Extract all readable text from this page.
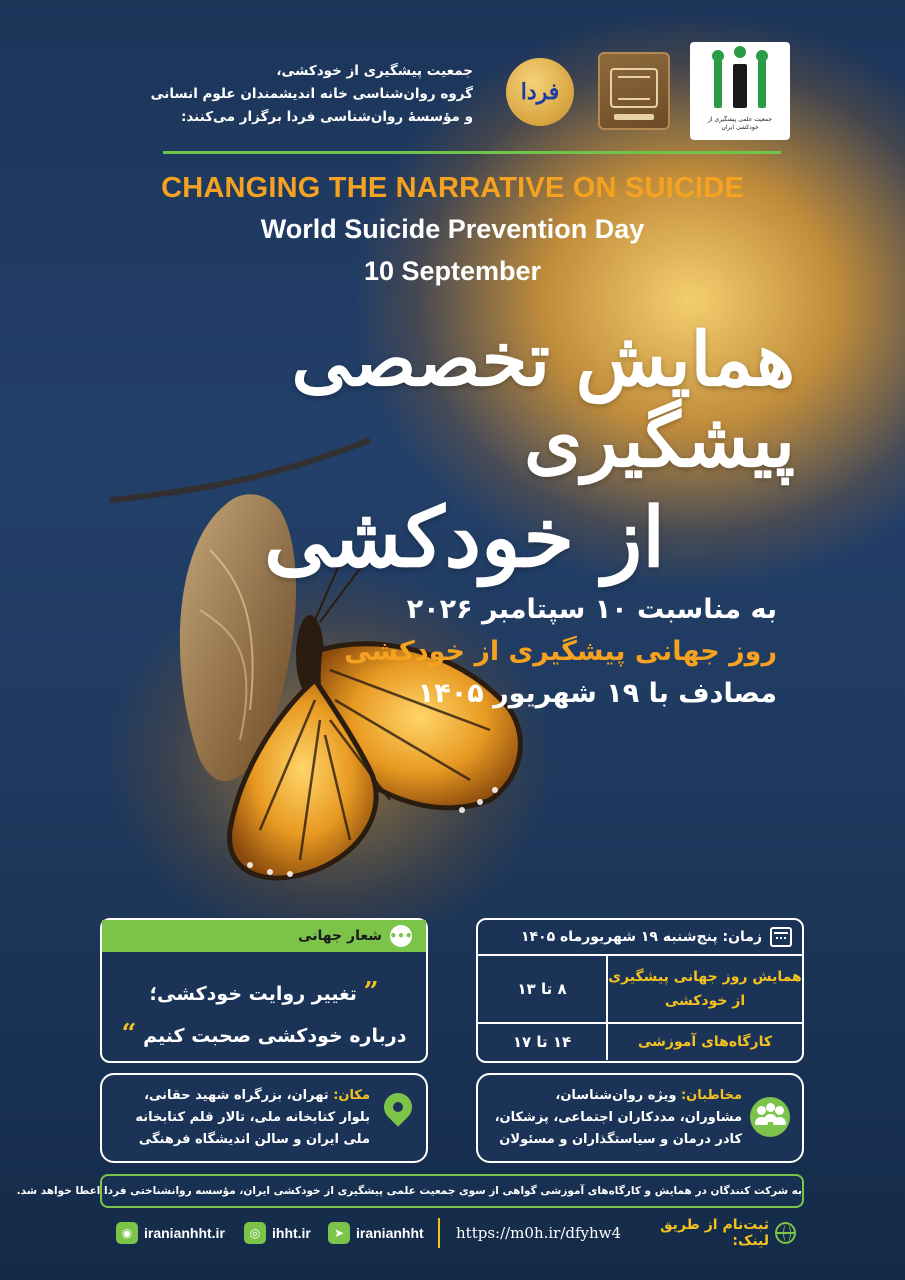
جمعیت پیشگیری از خودکشی،
گروه روان‌شناسی خانه اندیشمندان علوم انسانی
و مؤسسهٔ روان‌شناسی فردا برگزار می‌کنند:
فردا
جمعیت علمی پیشگیری از خودکشی ایران
CHANGING THE NARRATIVE ON SUICIDE
World Suicide Prevention Day
10 September
همایش تخصصی پیشگیری
از خودکشی
به مناسبت ۱۰ سپتامبر ۲۰۲۶
روز جهانی پیشگیری از خودکشی
مصادف با ۱۹ شهریور ۱۴۰۵
زمان: پنج‌شنبه ۱۹ شهریورماه ۱۴۰۵
همایش روز جهانی پیشگیری از خودکشی
۸ تا ۱۳
کارگاه‌های آموزشی
۱۴ تا ۱۷
•••
شعار جهانی
” تغییر روایت خودکشی؛
درباره خودکشی صحبت کنیم “
مخاطبان: ویژه روان‌شناسان، مشاوران، مددکاران اجتماعی، پزشکان، کادر درمان و سیاستگذاران و مسئولان
مکان: تهران، بزرگراه شهید حقانی، بلوار کتابخانه ملی، تالار قلم کتابخانه ملی ایران و سالن اندیشگاه فرهنگی
به شرکت کنندگان در همایش و کارگاه‌های آموزشی گواهی از سوی جمعیت علمی پیشگیری از خودکشی ایران، مؤسسه روانشناختی فردا اعطا خواهد شد.
https://m0h.ir/dfyhw4	ثبت‌نام از طریق لینک:
➤ iranianhht
◎ ihht.ir
◉ iranianhht.ir
